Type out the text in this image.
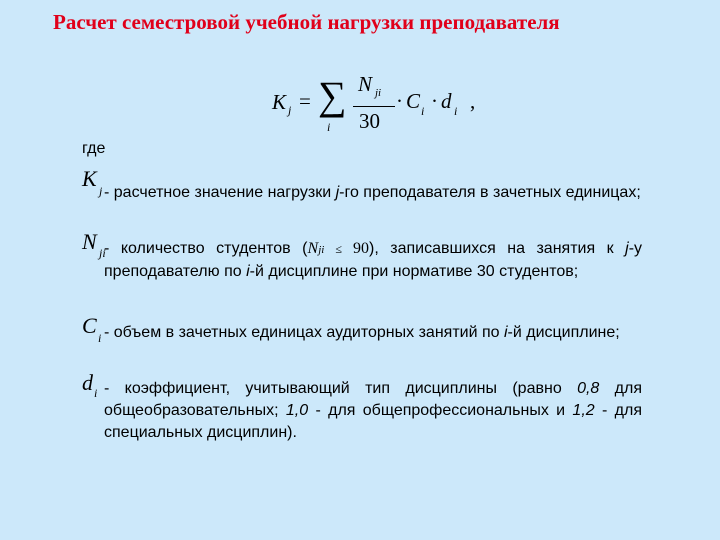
Расчет семестровой учебной нагрузки преподавателя
K j = ∑
i
N ji
30
· C i · d i ,
где
K j - расчетное значение нагрузки j-го преподавателя в зачетных единицах;
N ji
- количество студентов (Nji ≤ 90), записавшихся на занятия к j-у преподавателю по i-й дисциплине при нормативе 30 студентов;
C i - объем в зачетных единицах аудиторных занятий по i-й дисциплине;
d i - коэффициент, учитывающий тип дисциплины (равно 0,8 для общеобразовательных; 1,0 - для общепрофессиональных и 1,2 - для специальных дисциплин).
